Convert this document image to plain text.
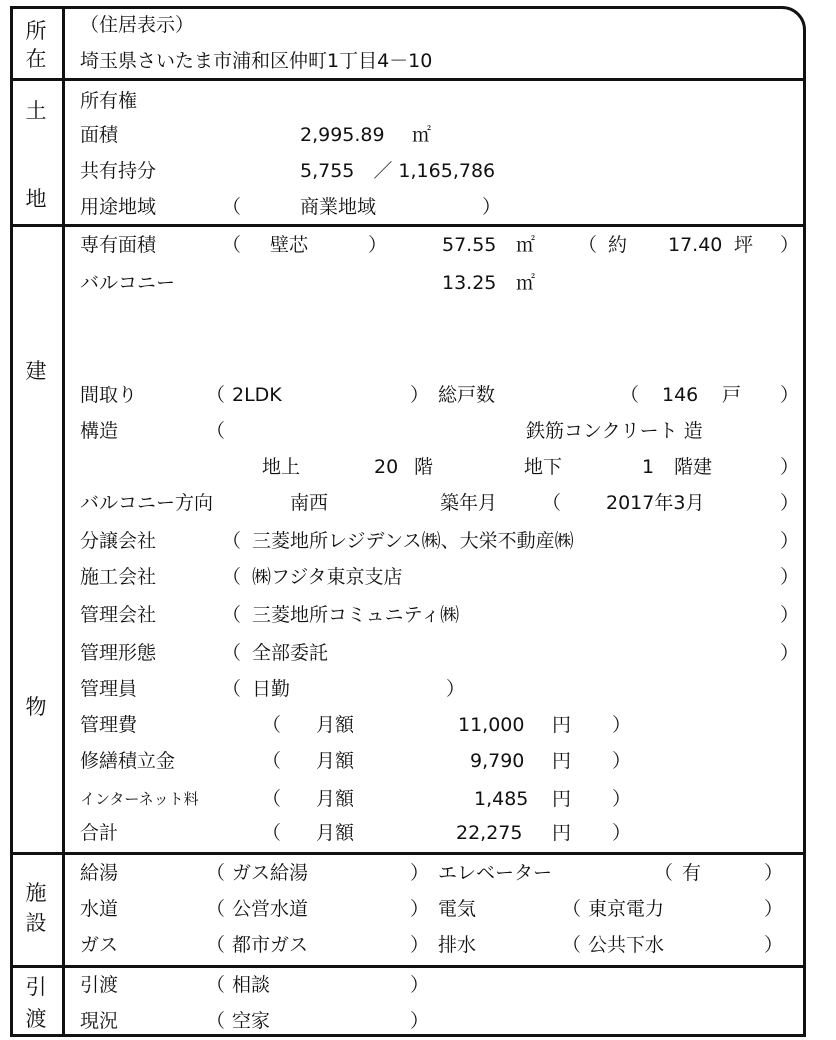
所
在
（住居表示）
埼玉県さいたま市浦和区仲町1丁目4－10
土
地
所有権
面積	2,995.89 ㎡
共有持分	5,755　／ 1,165,786
用途地域	（	商業地域	）
建
物
専有面積	（ 壁芯	）	57.55 ㎡ （ 約 17.40 坪 ）
バルコニー	13.25 ㎡
間取り	（ 2LDK	） 総戸数	（ 146 戸 ）
構造	（	鉄筋コンクリート 造
地上	20 階	地下	1 階建	）
バルコニー方向	南西	築年月 （ 2017年3月	）
分譲会社	（ 三菱地所レジデンス㈱、大栄不動産㈱	）
施工会社	（ ㈱フジタ東京支店	）
管理会社	（ 三菱地所コミュニティ㈱	）
管理形態	（ 全部委託	）
管理員	（ 日勤	）
管理費	（ 月額	11,000 円 ）
修繕積立金	（ 月額	9,790 円 ）
インターネット料	（ 月額	1,485 円 ）
合計	（ 月額	22,275 円 ）
施
設
給湯	（ ガス給湯	） エレベーター	（ 有	）
水道	（ 公営水道	） 電気	（ 東京電力	）
ガス	（ 都市ガス	） 排水	（ 公共下水	）
引
渡
引渡	（ 相談	）
現況	（ 空家	）
